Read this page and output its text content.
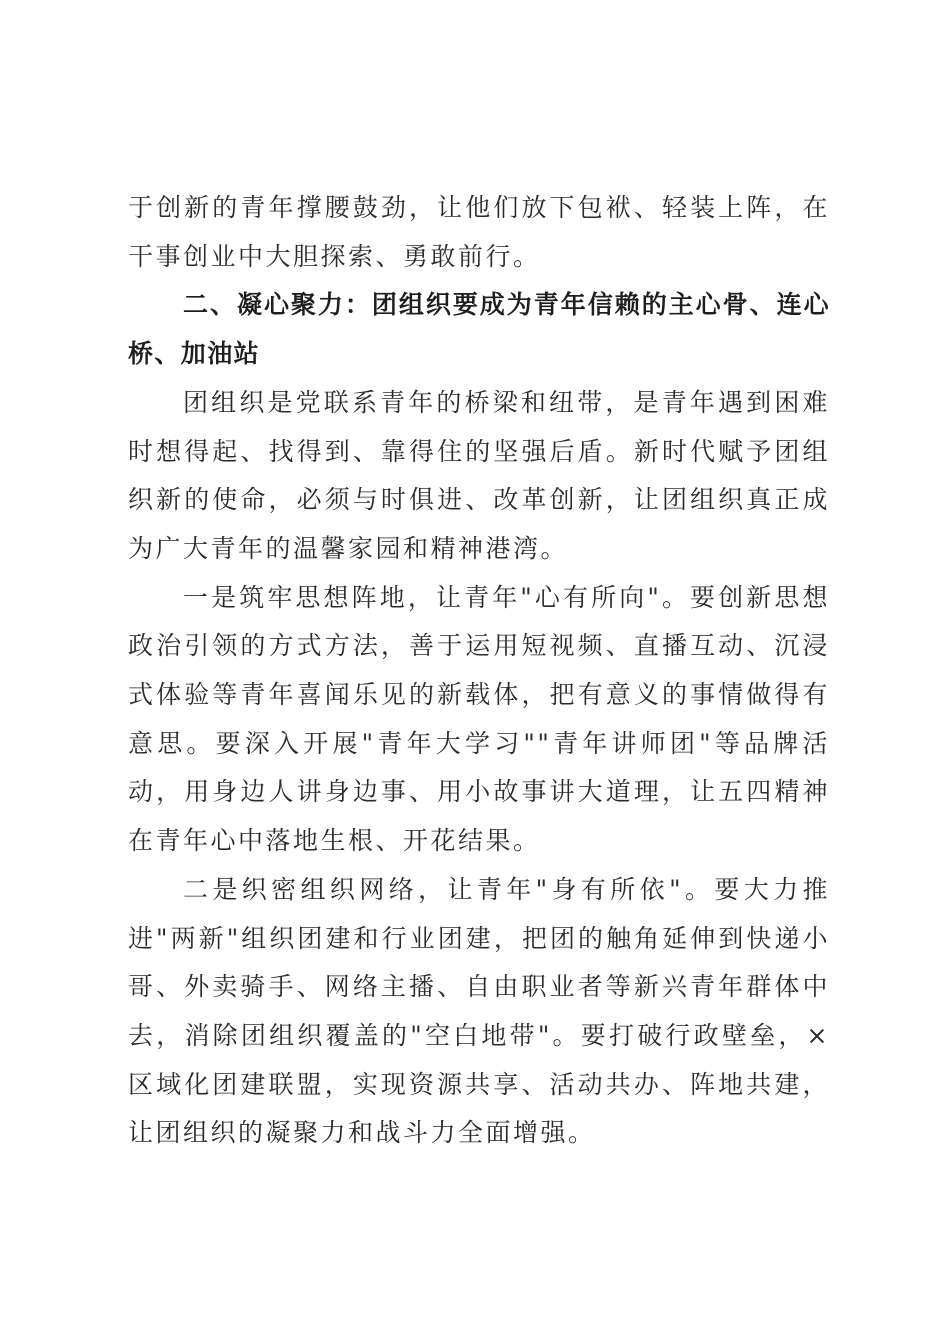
于创新的青年撑腰鼓劲，让他们放下包袱、轻装上阵，在干事创业中大胆探索、勇敢前行。

二、凝心聚力：团组织要成为青年信赖的主心骨、连心桥、加油站

团组织是党联系青年的桥梁和纽带，是青年遇到困难时想得起、找得到、靠得住的坚强后盾。新时代赋予团组织新的使命，必须与时俱进、改革创新，让团组织真正成为广大青年的温馨家园和精神港湾。

一是筑牢思想阵地，让青年"心有所向"。要创新思想政治引领的方式方法，善于运用短视频、直播互动、沉浸式体验等青年喜闻乐见的新载体，把有意义的事情做得有意思。要深入开展"青年大学习""青年讲师团"等品牌活动，用身边人讲身边事、用小故事讲大道理，让五四精神在青年心中落地生根、开花结果。

二是织密组织网络，让青年"身有所依"。要大力推进"两新"组织团建和行业团建，把团的触角延伸到快递小哥、外卖骑手、网络主播、自由职业者等新兴青年群体中去，消除团组织覆盖的"空白地带"。要打破行政壁垒，×区域化团建联盟，实现资源共享、活动共办、阵地共建，让团组织的凝聚力和战斗力全面增强。
